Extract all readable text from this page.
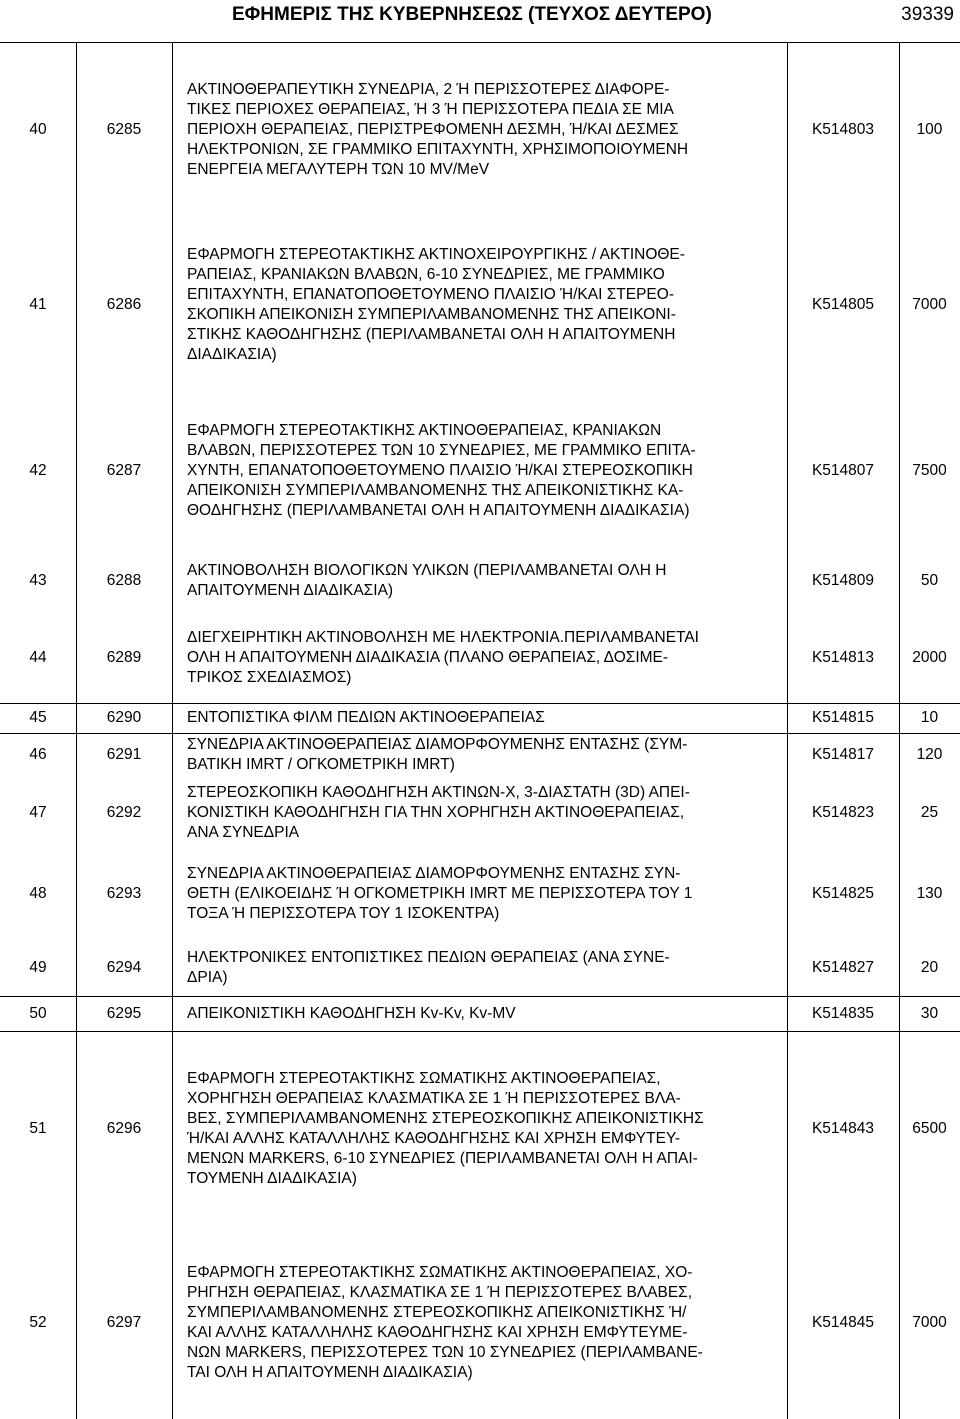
ΕΦΗΜΕΡΙΣ ΤΗΣ ΚΥΒΕΡΝΗΣΕΩΣ (ΤΕΥΧΟΣ ΔΕΥΤΕΡΟ)	39339
40	6285
ΑΚΤΙΝΟΘΕΡΑΠΕΥΤΙΚΗ ΣΥΝΕΔΡΙΑ, 2 Ή ΠΕΡΙΣΣΟΤΕΡΕΣ ΔΙΑΦΟΡΕ-
ΤΙΚΕΣ ΠΕΡΙΟΧΕΣ ΘΕΡΑΠΕΙΑΣ, Ή 3 Ή ΠΕΡΙΣΣΟΤΕΡΑ ΠΕΔΙΑ ΣΕ ΜΙΑ
ΠΕΡΙΟΧΗ ΘΕΡΑΠΕΙΑΣ, ΠΕΡΙΣΤΡΕΦΟΜΕΝΗ ΔΕΣΜΗ, Ή/ΚΑΙ ΔΕΣΜΕΣ
ΗΛΕΚΤΡΟΝΙΩΝ, ΣΕ ΓΡΑΜΜΙΚΟ ΕΠΙΤΑΧΥΝΤΗ, ΧΡΗΣΙΜΟΠΟΙΟΥΜΕΝΗ
ΕΝΕΡΓΕΙΑ ΜΕΓΑΛΥΤΕΡΗ ΤΩΝ 10 MV/MeV
Κ514803	100
41	6286
ΕΦΑΡΜΟΓΗ ΣΤΕΡΕΟΤΑΚΤΙΚΗΣ ΑΚΤΙΝΟΧΕΙΡΟΥΡΓΙΚΗΣ / ΑΚΤΙΝΟΘΕ-
ΡΑΠΕΙΑΣ, ΚΡΑΝΙΑΚΩΝ ΒΛΑΒΩΝ, 6-10 ΣΥΝΕΔΡΙΕΣ, ΜΕ ΓΡΑΜΜΙΚΟ
ΕΠΙΤΑΧΥΝΤΗ, ΕΠΑΝΑΤΟΠΟΘΕΤΟΥΜΕΝΟ ΠΛΑΙΣΙΟ Ή/ΚΑΙ ΣΤΕΡΕΟ-
ΣΚΟΠΙΚΗ ΑΠΕΙΚΟΝΙΣΗ ΣΥΜΠΕΡΙΛΑΜΒΑΝΟΜΕΝΗΣ ΤΗΣ ΑΠΕΙΚΟΝΙ-
ΣΤΙΚΗΣ ΚΑΘΟΔΗΓΗΣΗΣ (ΠΕΡΙΛΑΜΒΑΝΕΤΑΙ ΟΛΗ Η ΑΠΑΙΤΟΥΜΕΝΗ
ΔΙΑΔΙΚΑΣΙΑ)
Κ514805 7000
42	6287
ΕΦΑΡΜΟΓΗ ΣΤΕΡΕΟΤΑΚΤΙΚΗΣ ΑΚΤΙΝΟΘΕΡΑΠΕΙΑΣ, ΚΡΑΝΙΑΚΩΝ
ΒΛΑΒΩΝ, ΠΕΡΙΣΣΟΤΕΡΕΣ ΤΩΝ 10 ΣΥΝΕΔΡΙΕΣ, ΜΕ ΓΡΑΜΜΙΚΟ ΕΠΙΤΑ-
ΧΥΝΤΗ, ΕΠΑΝΑΤΟΠΟΘΕΤΟΥΜΕΝΟ ΠΛΑΙΣΙΟ Ή/ΚΑΙ ΣΤΕΡΕΟΣΚΟΠΙΚΗ
ΑΠΕΙΚΟΝΙΣΗ ΣΥΜΠΕΡΙΛΑΜΒΑΝΟΜΕΝΗΣ ΤΗΣ ΑΠΕΙΚΟΝΙΣΤΙΚΗΣ ΚΑ-
ΘΟΔΗΓΗΣΗΣ (ΠΕΡΙΛΑΜΒΑΝΕΤΑΙ ΟΛΗ Η ΑΠΑΙΤΟΥΜΕΝΗ ΔΙΑΔΙΚΑΣΙΑ)
Κ514807 7500
43	6288
ΑΚΤΙΝΟΒΟΛΗΣΗ ΒΙΟΛΟΓΙΚΩΝ ΥΛΙΚΩΝ (ΠΕΡΙΛΑΜΒΑΝΕΤΑΙ ΟΛΗ Η
ΑΠΑΙΤΟΥΜΕΝΗ ΔΙΑΔΙΚΑΣΙΑ)
Κ514809	50
44	6289
ΔΙΕΓΧΕΙΡΗΤΙΚΗ ΑΚΤΙΝΟΒΟΛΗΣΗ ΜΕ ΗΛΕΚΤΡΟΝΙΑ.ΠΕΡΙΛΑΜΒΑΝΕΤΑΙ
ΟΛΗ Η ΑΠΑΙΤΟΥΜΕΝΗ ΔΙΑΔΙΚΑΣΙΑ (ΠΛΑΝΟ ΘΕΡΑΠΕΙΑΣ, ΔΟΣΙΜΕ-
ΤΡΙΚΟΣ ΣΧΕΔΙΑΣΜΟΣ)
Κ514813 2000
45	6290	ΕΝΤΟΠΙΣΤΙΚΑ ΦΙΛΜ ΠΕΔΙΩΝ ΑΚΤΙΝΟΘΕΡΑΠΕΙΑΣ	Κ514815	10
46	6291
ΣΥΝΕΔΡΙΑ ΑΚΤΙΝΟΘΕΡΑΠΕΙΑΣ ΔΙΑΜΟΡΦΟΥΜΕΝΗΣ ΕΝΤΑΣΗΣ (ΣΥΜ-
ΒΑΤΙΚΗ IMRT / ΟΓΚΟΜΕΤΡΙΚΗ IMRT)
Κ514817	120
47	6292
ΣΤΕΡΕΟΣΚΟΠΙΚΗ ΚΑΘΟΔΗΓΗΣΗ ΑΚΤΙΝΩΝ-Χ, 3-ΔΙΑΣΤΑΤΗ (3D) ΑΠΕΙ-
ΚΟΝΙΣΤΙΚΗ ΚΑΘΟΔΗΓΗΣΗ ΓΙΑ ΤΗΝ ΧΟΡΗΓΗΣΗ ΑΚΤΙΝΟΘΕΡΑΠΕΙΑΣ,
ΑΝΑ ΣΥΝΕΔΡΙΑ
Κ514823	25
48	6293
ΣΥΝΕΔΡΙΑ ΑΚΤΙΝΟΘΕΡΑΠΕΙΑΣ ΔΙΑΜΟΡΦΟΥΜΕΝΗΣ ΕΝΤΑΣΗΣ ΣΥΝ-
ΘΕΤΗ (ΕΛΙΚΟΕΙΔΗΣ Ή ΟΓΚΟΜΕΤΡΙΚΗ IMRT ΜΕ ΠΕΡΙΣΣΟΤΕΡΑ ΤΟΥ 1
ΤΟΞΑ Ή ΠΕΡΙΣΣΟΤΕΡΑ ΤΟΥ 1 ΙΣΟΚΕΝΤΡΑ)
Κ514825	130
49	6294
ΗΛΕΚΤΡΟΝΙΚΕΣ ΕΝΤΟΠΙΣΤΙΚΕΣ ΠΕΔΙΩΝ ΘΕΡΑΠΕΙΑΣ (ΑΝΑ ΣΥΝΕ-
ΔΡΙΑ)
Κ514827	20
50	6295	ΑΠΕΙΚΟΝΙΣΤΙΚΗ ΚΑΘΟΔΗΓΗΣΗ Kv-Kv, Kv-MV	Κ514835	30
51	6296
ΕΦΑΡΜΟΓΗ ΣΤΕΡΕΟΤΑΚΤΙΚΗΣ ΣΩΜΑΤΙΚΗΣ ΑΚΤΙΝΟΘΕΡΑΠΕΙΑΣ,
ΧΟΡΗΓΗΣΗ ΘΕΡΑΠΕΙΑΣ ΚΛΑΣΜΑΤΙΚΑ ΣΕ 1 Ή ΠΕΡΙΣΣΟΤΕΡΕΣ ΒΛΑ-
ΒΕΣ, ΣΥΜΠΕΡΙΛΑΜΒΑΝΟΜΕΝΗΣ ΣΤΕΡΕΟΣΚΟΠΙΚΗΣ ΑΠΕΙΚΟΝΙΣΤΙΚΗΣ
Ή/ΚΑΙ ΑΛΛΗΣ ΚΑΤΑΛΛΗΛΗΣ ΚΑΘΟΔΗΓΗΣΗΣ ΚΑΙ ΧΡΗΣΗ ΕΜΦΥΤΕΥ-
ΜΕΝΩΝ MARKERS, 6-10 ΣΥΝΕΔΡΙΕΣ (ΠΕΡΙΛΑΜΒΑΝΕΤΑΙ ΟΛΗ Η ΑΠΑΙ-
ΤΟΥΜΕΝΗ ΔΙΑΔΙΚΑΣΙΑ)
Κ514843 6500
52	6297
ΕΦΑΡΜΟΓΗ ΣΤΕΡΕΟΤΑΚΤΙΚΗΣ ΣΩΜΑΤΙΚΗΣ ΑΚΤΙΝΟΘΕΡΑΠΕΙΑΣ, ΧΟ-
ΡΗΓΗΣΗ ΘΕΡΑΠΕΙΑΣ, ΚΛΑΣΜΑΤΙΚΑ ΣΕ 1 Ή ΠΕΡΙΣΣΟΤΕΡΕΣ ΒΛΑΒΕΣ,
ΣΥΜΠΕΡΙΛΑΜΒΑΝΟΜΕΝΗΣ ΣΤΕΡΕΟΣΚΟΠΙΚΗΣ ΑΠΕΙΚΟΝΙΣΤΙΚΗΣ Ή/
ΚΑΙ ΑΛΛΗΣ ΚΑΤΑΛΛΗΛΗΣ ΚΑΘΟΔΗΓΗΣΗΣ ΚΑΙ ΧΡΗΣΗ ΕΜΦΥΤΕΥΜΕ-
ΝΩΝ MARKERS, ΠΕΡΙΣΣΟΤΕΡΕΣ ΤΩΝ 10 ΣΥΝΕΔΡΙΕΣ (ΠΕΡΙΛΑΜΒΑΝΕ-
ΤΑΙ ΟΛΗ Η ΑΠΑΙΤΟΥΜΕΝΗ ΔΙΑΔΙΚΑΣΙΑ)
Κ514845 7000
